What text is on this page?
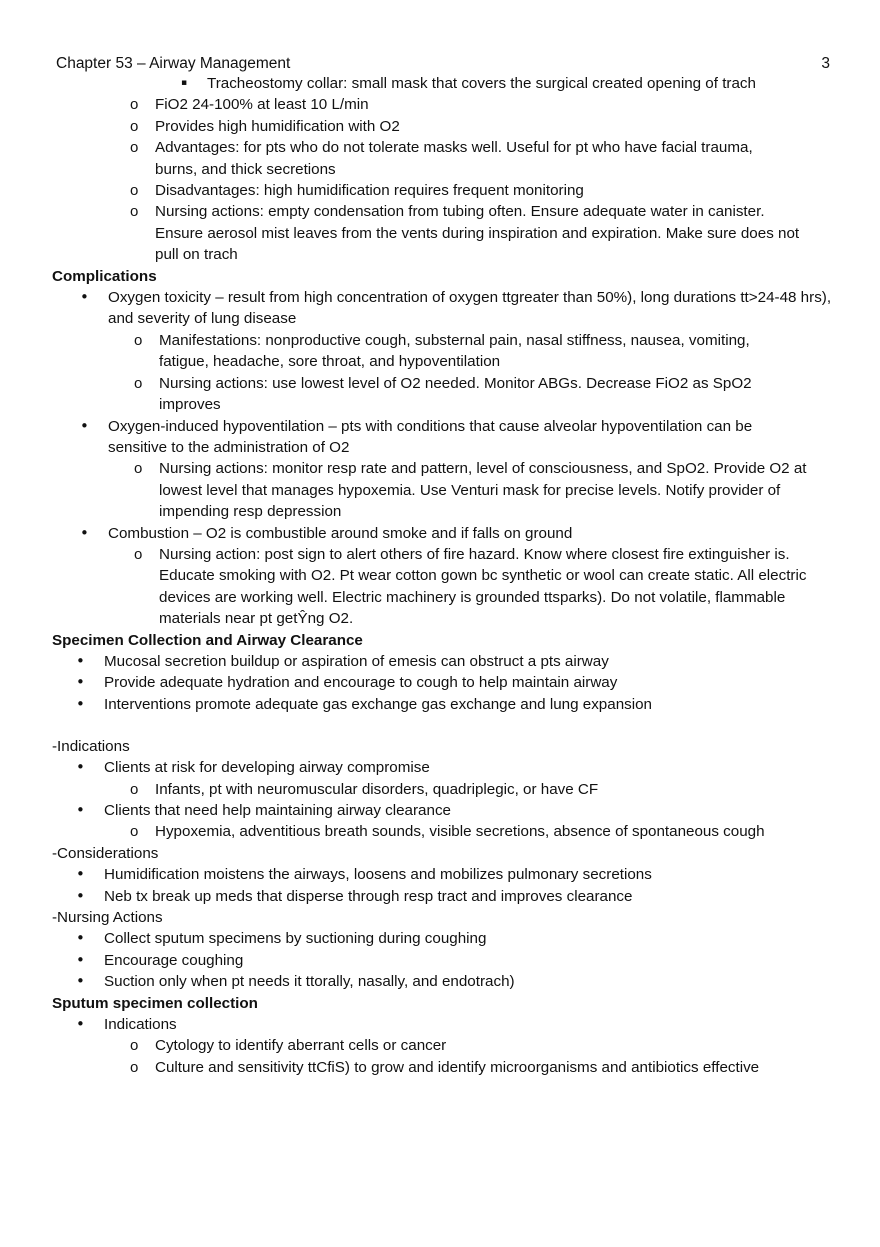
Chapter 53 – Airway Management	3
▪ Tracheostomy collar: small mask that covers the surgical created opening of trach
o FiO2 24-100% at least 10 L/min
o Provides high humidification with O2
o Advantages: for pts who do not tolerate masks well. Useful for pt who have facial trauma, burns, and thick secretions
o Disadvantages: high humidification requires frequent monitoring
o Nursing actions: empty condensation from tubing often. Ensure adequate water in canister. Ensure aerosol mist leaves from the vents during inspiration and expiration. Make sure does not pull on trach
Complications
• Oxygen toxicity – result from high concentration of oxygen ttgreater than 50%), long durations tt>24-48 hrs), and severity of lung disease
o Manifestations: nonproductive cough, substernal pain, nasal stiffness, nausea, vomiting, fatigue, headache, sore throat, and hypoventilation
o Nursing actions: use lowest level of O2 needed. Monitor ABGs. Decrease FiO2 as SpO2 improves
• Oxygen-induced hypoventilation – pts with conditions that cause alveolar hypoventilation can be sensitive to the administration of O2
o Nursing actions: monitor resp rate and pattern, level of consciousness, and SpO2. Provide O2 at lowest level that manages hypoxemia. Use Venturi mask for precise levels. Notify provider of impending resp depression
• Combustion – O2 is combustible around smoke and if falls on ground
o Nursing action: post sign to alert others of fire hazard. Know where closest fire extinguisher is. Educate smoking with O2. Pt wear cotton gown bc synthetic or wool can create static. All electric devices are working well. Electric machinery is grounded ttsparks). Do not volatile, flammable materials near pt getŶng O2.
Specimen Collection and Airway Clearance
• Mucosal secretion buildup or aspiration of emesis can obstruct a pts airway
• Provide adequate hydration and encourage to cough to help maintain airway
• Interventions promote adequate gas exchange gas exchange and lung expansion
-Indications
• Clients at risk for developing airway compromise
o Infants, pt with neuromuscular disorders, quadriplegic, or have CF
• Clients that need help maintaining airway clearance
o Hypoxemia, adventitious breath sounds, visible secretions, absence of spontaneous cough
-Considerations
• Humidification moistens the airways, loosens and mobilizes pulmonary secretions
• Neb tx break up meds that disperse through resp tract and improves clearance
-Nursing Actions
• Collect sputum specimens by suctioning during coughing
• Encourage coughing
• Suction only when pt needs it ttorally, nasally, and endotrach)
Sputum specimen collection
• Indications
o Cytology to identify aberrant cells or cancer
o Culture and sensitivity ttCfiS) to grow and identify microorganisms and antibiotics effective
